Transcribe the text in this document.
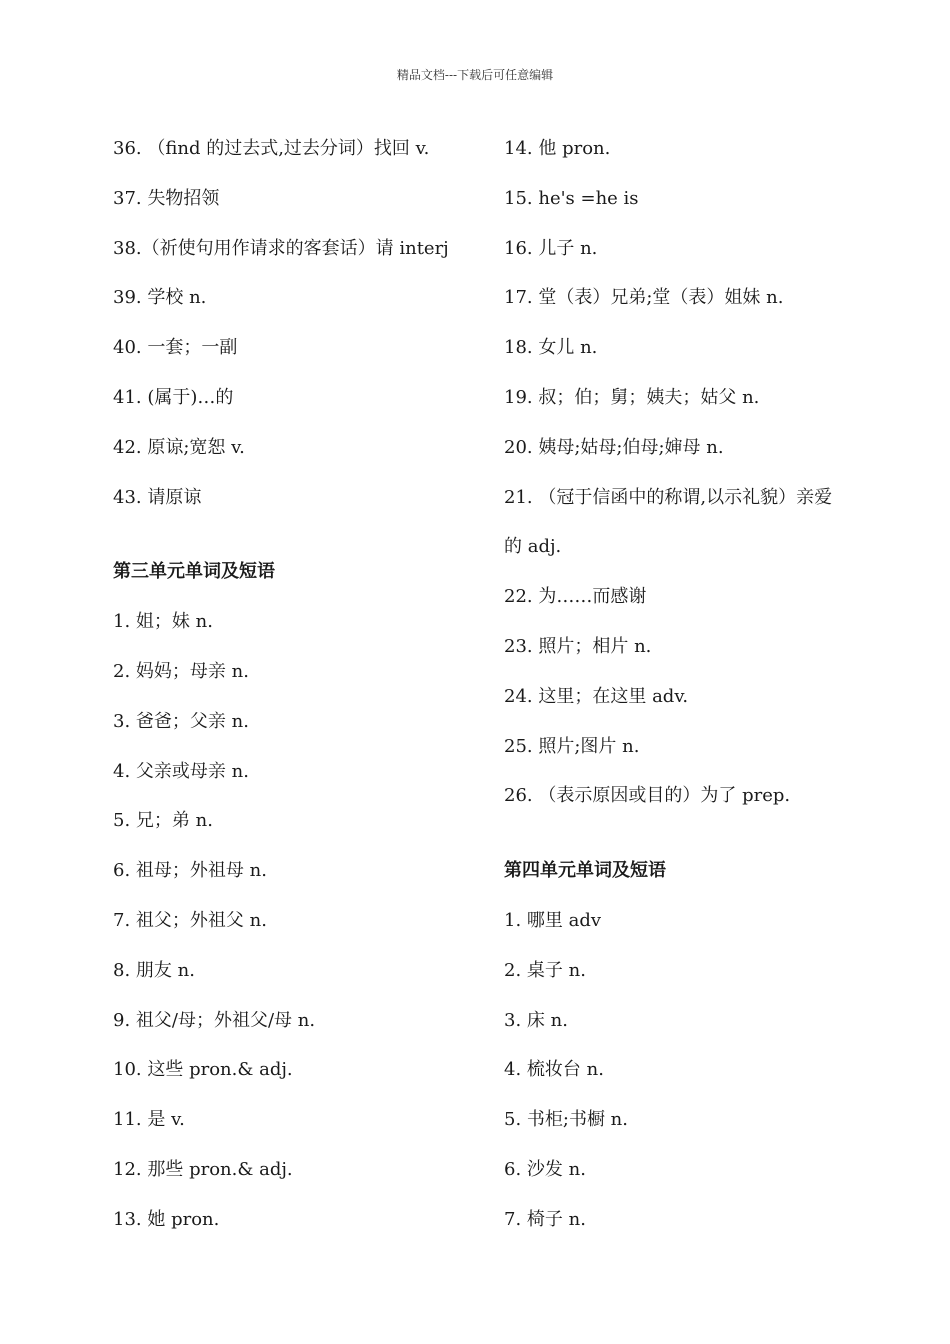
精品文档---下载后可任意编辑
36. （find 的过去式,过去分词）找回 v.
37. 失物招领
38.（祈使句用作请求的客套话）请 interj
39. 学校 n.
40. 一套；一副
41. (属于)…的
42. 原谅;宽恕 v.
43. 请原谅
第三单元单词及短语
1. 姐；妹 n.
2. 妈妈；母亲 n.
3. 爸爸；父亲 n.
4. 父亲或母亲 n.
5. 兄；弟 n.
6. 祖母；外祖母 n.
7. 祖父；外祖父 n.
8. 朋友 n.
9. 祖父/母；外祖父/母 n.
10. 这些 pron.& adj.
11. 是 v.
12. 那些 pron.& adj.
13. 她 pron.
14. 他 pron.
15. he's =he is
16. 儿子 n.
17. 堂（表）兄弟;堂（表）姐妹 n.
18. 女儿 n.
19. 叔；伯；舅；姨夫；姑父 n.
20. 姨母;姑母;伯母;婶母 n.
21. （冠于信函中的称谓,以示礼貌）亲爱
的 adj.
22. 为……而感谢
23. 照片；相片 n.
24. 这里；在这里 adv.
25. 照片;图片 n.
26. （表示原因或目的）为了 prep.
第四单元单词及短语
1. 哪里 adv
2. 桌子 n.
3. 床 n.
4. 梳妆台 n.
5. 书柜;书橱 n.
6. 沙发 n.
7. 椅子 n.
